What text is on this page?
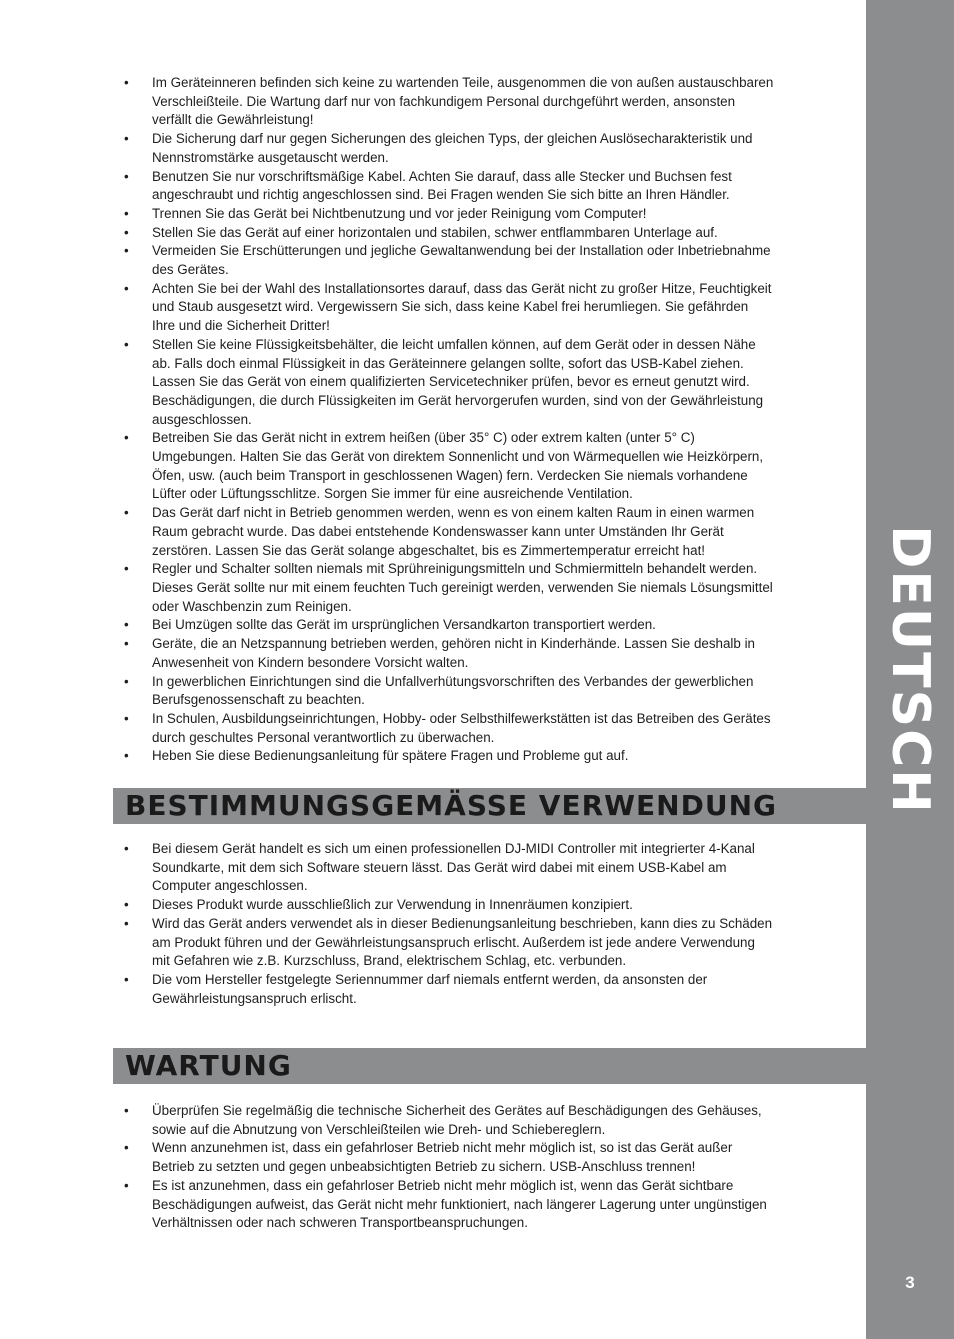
DEUTSCH
3
• Im Geräteinneren befinden sich keine zu wartenden Teile, ausgenommen die von außen austauschbaren Verschleißteile. Die Wartung darf nur von fachkundigem Personal durchgeführt werden, ansonsten verfällt die Gewährleistung!
• Die Sicherung darf nur gegen Sicherungen des gleichen Typs, der gleichen Auslösecharakteristik und Nennstromstärke ausgetauscht werden.
• Benutzen Sie nur vorschriftsmäßige Kabel. Achten Sie darauf, dass alle Stecker und Buchsen fest angeschraubt und richtig angeschlossen sind. Bei Fragen wenden Sie sich bitte an Ihren Händler.
• Trennen Sie das Gerät bei Nichtbenutzung und vor jeder Reinigung vom Computer!
• Stellen Sie das Gerät auf einer horizontalen und stabilen, schwer entflammbaren Unterlage auf.
• Vermeiden Sie Erschütterungen und jegliche Gewaltanwendung bei der Installation oder Inbetriebnahme des Gerätes.
• Achten Sie bei der Wahl des Installationsortes darauf, dass das Gerät nicht zu großer Hitze, Feuchtigkeit und Staub ausgesetzt wird. Vergewissern Sie sich, dass keine Kabel frei herumliegen. Sie gefährden Ihre und die Sicherheit Dritter!
• Stellen Sie keine Flüssigkeitsbehälter, die leicht umfallen können, auf dem Gerät oder in dessen Nähe ab. Falls doch einmal Flüssigkeit in das Geräteinnere gelangen sollte, sofort das USB-Kabel ziehen. Lassen Sie das Gerät von einem qualifizierten Servicetechniker prüfen, bevor es erneut genutzt wird. Beschädigungen, die durch Flüssigkeiten im Gerät hervorgerufen wurden, sind von der Gewährleistung ausgeschlossen.
• Betreiben Sie das Gerät nicht in extrem heißen (über 35° C) oder extrem kalten (unter 5° C) Umgebungen. Halten Sie das Gerät von direktem Sonnenlicht und von Wärmequellen wie Heizkörpern, Öfen, usw. (auch beim Transport in geschlossenen Wagen) fern. Verdecken Sie niemals vorhandene Lüfter oder Lüftungsschlitze. Sorgen Sie immer für eine ausreichende Ventilation.
• Das Gerät darf nicht in Betrieb genommen werden, wenn es von einem kalten Raum in einen warmen Raum gebracht wurde. Das dabei entstehende Kondenswasser kann unter Umständen Ihr Gerät zerstören. Lassen Sie das Gerät solange abgeschaltet, bis es Zimmertemperatur erreicht hat!
• Regler und Schalter sollten niemals mit Sprühreinigungsmitteln und Schmiermitteln behandelt werden. Dieses Gerät sollte nur mit einem feuchten Tuch gereinigt werden, verwenden Sie niemals Lösungsmittel oder Waschbenzin zum Reinigen.
• Bei Umzügen sollte das Gerät im ursprünglichen Versandkarton transportiert werden.
• Geräte, die an Netzspannung betrieben werden, gehören nicht in Kinderhände. Lassen Sie deshalb in Anwesenheit von Kindern besondere Vorsicht walten.
• In gewerblichen Einrichtungen sind die Unfallverhütungsvorschriften des Verbandes der gewerblichen Berufsgenossenschaft zu beachten.
• In Schulen, Ausbildungseinrichtungen, Hobby- oder Selbsthilfewerkstätten ist das Betreiben des Gerätes durch geschultes Personal verantwortlich zu überwachen.
• Heben Sie diese Bedienungsanleitung für spätere Fragen und Probleme gut auf.
BESTIMMUNGSGEMÄSSE VERWENDUNG
• Bei diesem Gerät handelt es sich um einen professionellen DJ-MIDI Controller mit integrierter 4-Kanal Soundkarte, mit dem sich Software steuern lässt. Das Gerät wird dabei mit einem USB-Kabel am Computer angeschlossen.
• Dieses Produkt wurde ausschließlich zur Verwendung in Innenräumen konzipiert.
• Wird das Gerät anders verwendet als in dieser Bedienungsanleitung beschrieben, kann dies zu Schäden am Produkt führen und der Gewährleistungsanspruch erlischt. Außerdem ist jede andere Verwendung mit Gefahren wie z.B. Kurzschluss, Brand, elektrischem Schlag, etc. verbunden.
• Die vom Hersteller festgelegte Seriennummer darf niemals entfernt werden, da ansonsten der Gewährleistungsanspruch erlischt.
WARTUNG
• Überprüfen Sie regelmäßig die technische Sicherheit des Gerätes auf Beschädigungen des Gehäuses, sowie auf die Abnutzung von Verschleißteilen wie Dreh- und Schiebereglern.
• Wenn anzunehmen ist, dass ein gefahrloser Betrieb nicht mehr möglich ist, so ist das Gerät außer Betrieb zu setzten und gegen unbeabsichtigten Betrieb zu sichern. USB-Anschluss trennen!
• Es ist anzunehmen, dass ein gefahrloser Betrieb nicht mehr möglich ist, wenn das Gerät sichtbare Beschädigungen aufweist, das Gerät nicht mehr funktioniert, nach längerer Lagerung unter ungünstigen Verhältnissen oder nach schweren Transportbeanspruchungen.
